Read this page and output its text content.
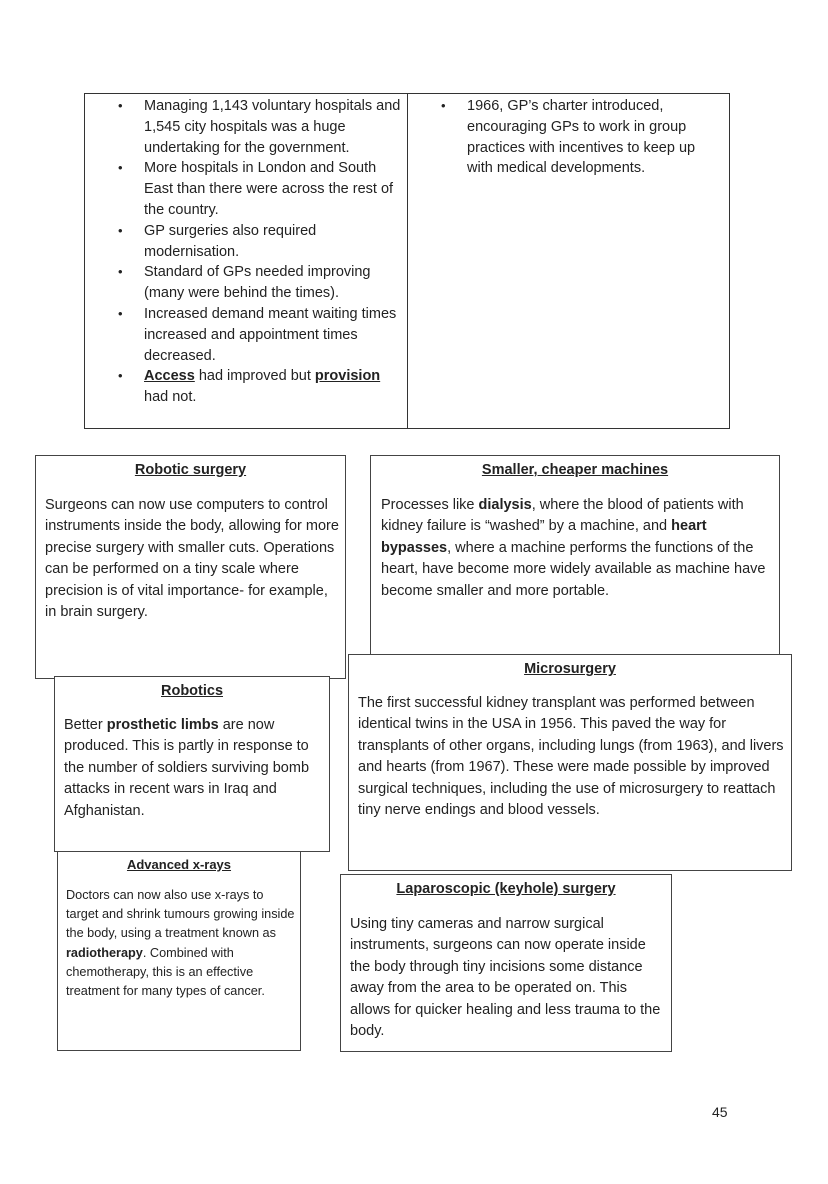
• Managing 1,143 voluntary hospitals and 1,545 city hospitals was a huge undertaking for the government.
• More hospitals in London and South East than there were across the rest of the country.
• GP surgeries also required modernisation.
• Standard of GPs needed improving (many were behind the times).
• Increased demand meant waiting times increased and appointment times decreased.
• Access had improved but provision had not.
• 1966, GP’s charter introduced, encouraging GPs to work in group practices with incentives to keep up with medical developments.

Robotic surgery

Surgeons can now use computers to control instruments inside the body, allowing for more precise surgery with smaller cuts. Operations can be performed on a tiny scale where precision is of vital importance- for example, in brain surgery.

Smaller, cheaper machines

Processes like dialysis, where the blood of patients with kidney failure is “washed” by a machine, and heart bypasses, where a machine performs the functions of the heart, have become more widely available as machine have become smaller and more portable.

Microsurgery

The first successful kidney transplant was performed between identical twins in the USA in 1956. This paved the way for transplants of other organs, including lungs (from 1963), and livers and hearts (from 1967). These were made possible by improved surgical techniques, including the use of microsurgery to reattach tiny nerve endings and blood vessels.

Robotics

Better prosthetic limbs are now produced. This is partly in response to the number of soldiers surviving bomb attacks in recent wars in Iraq and Afghanistan.

Advanced x-rays

Doctors can now also use x-rays to target and shrink tumours growing inside the body, using a treatment known as radiotherapy. Combined with chemotherapy, this is an effective treatment for many types of cancer.

Laparoscopic (keyhole) surgery

Using tiny cameras and narrow surgical instruments, surgeons can now operate inside the body through tiny incisions some distance away from the area to be operated on. This allows for quicker healing and less trauma to the body.

45
